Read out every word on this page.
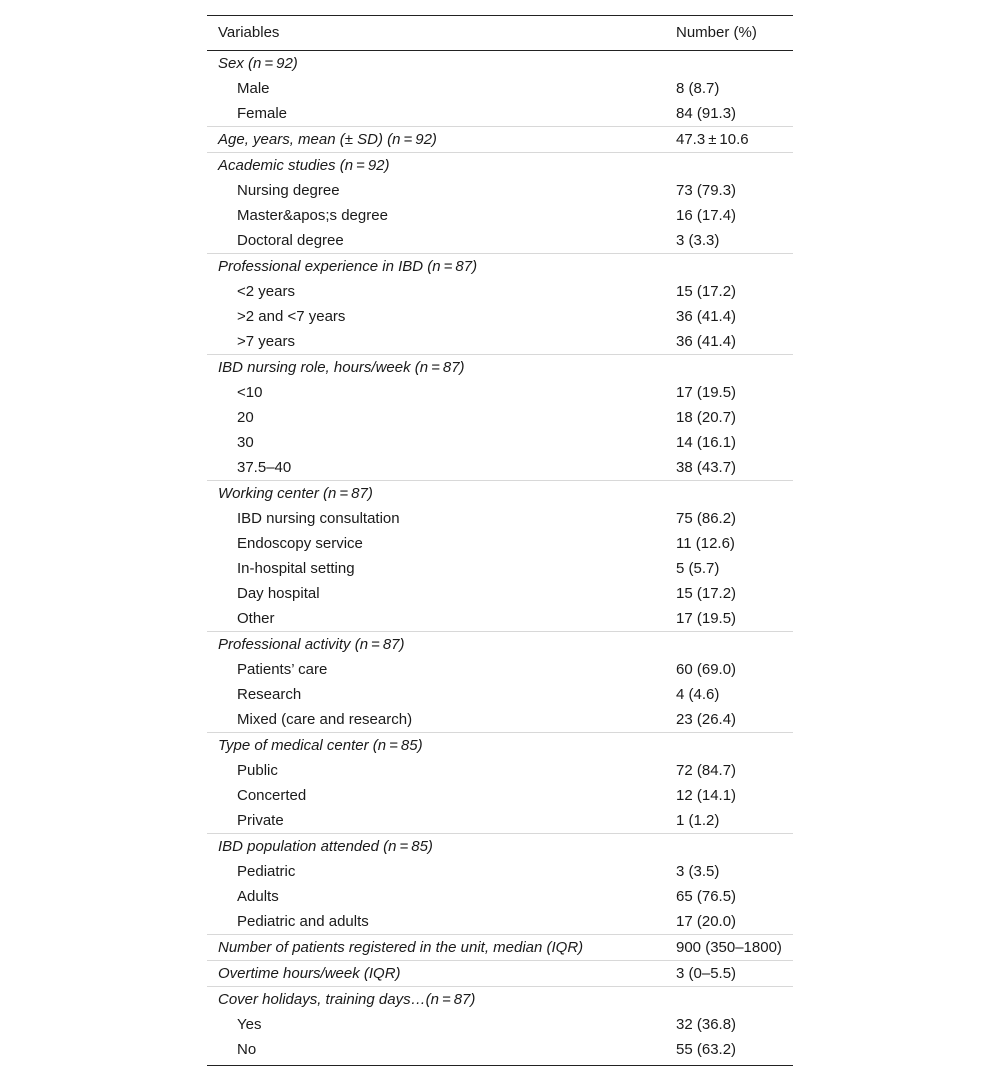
Variables	Number (%)
Sex (n = 92)	
Male	8 (8.7)
Female	84 (91.3)
Age, years, mean (± SD) (n = 92)	47.3 ± 10.6
Academic studies (n = 92)	
Nursing degree	73 (79.3)
Master&apos;s degree	16 (17.4)
Doctoral degree	3 (3.3)
Professional experience in IBD (n = 87)	
<2 years	15 (17.2)
>2 and <7 years	36 (41.4)
>7 years	36 (41.4)
IBD nursing role, hours/week (n = 87)	
<10	17 (19.5)
20	18 (20.7)
30	14 (16.1)
37.5–40	38 (43.7)
Working center (n = 87)	
IBD nursing consultation	75 (86.2)
Endoscopy service	11 (12.6)
In-hospital setting	5 (5.7)
Day hospital	15 (17.2)
Other	17 (19.5)
Professional activity (n = 87)	
Patients’ care	60 (69.0)
Research	4 (4.6)
Mixed (care and research)	23 (26.4)
Type of medical center (n = 85)	
Public	72 (84.7)
Concerted	12 (14.1)
Private	1 (1.2)
IBD population attended (n = 85)	
Pediatric	3 (3.5)
Adults	65 (76.5)
Pediatric and adults	17 (20.0)
Number of patients registered in the unit, median (IQR)	900 (350–1800)
Overtime hours/week (IQR)	3 (0–5.5)
Cover holidays, training days…(n = 87)	
Yes	32 (36.8)
No	55 (63.2)
